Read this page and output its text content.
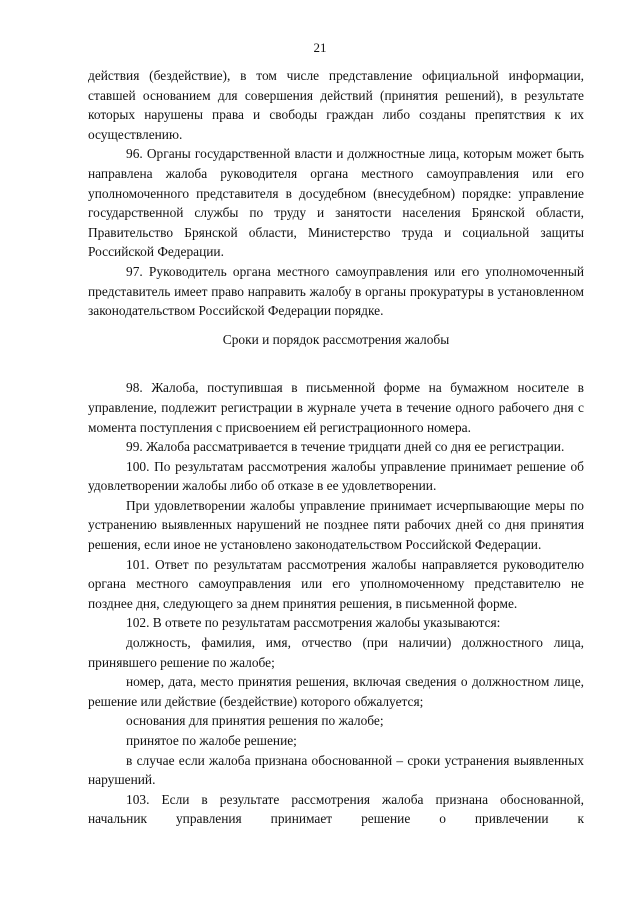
21

действия (бездействие), в том числе представление официальной информации, ставшей основанием для совершения действий (принятия решений), в результате которых нарушены права и свободы граждан либо созданы препятствия к их осуществлению.

96. Органы государственной власти и должностные лица, которым может быть направлена жалоба руководителя органа местного самоуправления или его уполномоченного представителя в досудебном (внесудебном) порядке: управление государственной службы по труду и занятости населения Брянской области, Правительство Брянской области, Министерство труда и социальной защиты Российской Федерации.

97. Руководитель органа местного самоуправления или его уполномоченный представитель имеет право направить жалобу в органы прокуратуры в установленном законодательством Российской Федерации порядке.

Сроки и порядок рассмотрения жалобы

98. Жалоба, поступившая в письменной форме на бумажном носителе в управление, подлежит регистрации в журнале учета в течение одного рабочего дня с момента поступления с присвоением ей регистрационного номера.

99. Жалоба рассматривается в течение тридцати дней со дня ее регистрации.

100. По результатам рассмотрения жалобы управление принимает решение об удовлетворении жалобы либо об отказе в ее удовлетворении.

При удовлетворении жалобы управление принимает исчерпывающие меры по устранению выявленных нарушений не позднее пяти рабочих дней со дня принятия решения, если иное не установлено законодательством Российской Федерации.

101. Ответ по результатам рассмотрения жалобы направляется руководителю органа местного самоуправления или его уполномоченному представителю не позднее дня, следующего за днем принятия решения, в письменной форме.

102. В ответе по результатам рассмотрения жалобы указываются:

должность, фамилия, имя, отчество (при наличии) должностного лица, принявшего решение по жалобе;

номер, дата, место принятия решения, включая сведения о должностном лице, решение или действие (бездействие) которого обжалуется;

основания для принятия решения по жалобе;

принятое по жалобе решение;

в случае если жалоба признана обоснованной – сроки устранения выявленных нарушений.

103. Если в результате рассмотрения жалоба признана обоснованной, начальник управления принимает решение о привлечении к
